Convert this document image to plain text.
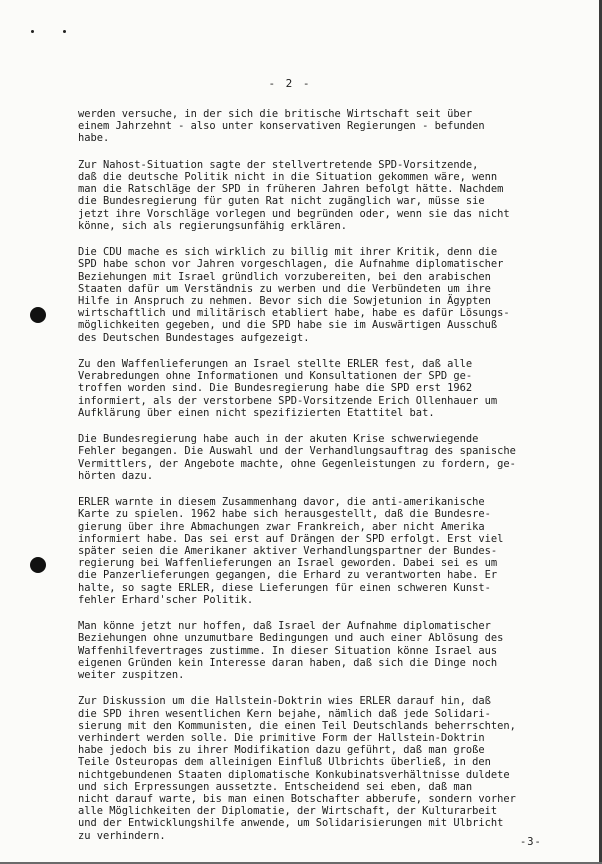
- 2 -

werden versuche, in der sich die britische Wirtschaft seit über
einem Jahrzehnt - also unter konservativen Regierungen - befunden
habe.

Zur Nahost-Situation sagte der stellvertretende SPD-Vorsitzende,
daß die deutsche Politik nicht in die Situation gekommen wäre, wenn
man die Ratschläge der SPD in früheren Jahren befolgt hätte. Nachdem
die Bundesregierung für guten Rat nicht zugänglich war, müsse sie
jetzt ihre Vorschläge vorlegen und begründen oder, wenn sie das nicht
könne, sich als regierungsunfähig erklären.

Die CDU mache es sich wirklich zu billig mit ihrer Kritik, denn die
SPD habe schon vor Jahren vorgeschlagen, die Aufnahme diplomatischer
Beziehungen mit Israel gründlich vorzubereiten, bei den arabischen
Staaten dafür um Verständnis zu werben und die Verbündeten um ihre
Hilfe in Anspruch zu nehmen. Bevor sich die Sowjetunion in Ägypten
wirtschaftlich und militärisch etabliert habe, habe es dafür Lösungs-
möglichkeiten gegeben, und die SPD habe sie im Auswärtigen Ausschuß
des Deutschen Bundestages aufgezeigt.

Zu den Waffenlieferungen an Israel stellte ERLER fest, daß alle
Verabredungen ohne Informationen und Konsultationen der SPD ge-
troffen worden sind. Die Bundesregierung habe die SPD erst 1962
informiert, als der verstorbene SPD-Vorsitzende Erich Ollenhauer um
Aufklärung über einen nicht spezifizierten Etattitel bat.

Die Bundesregierung habe auch in der akuten Krise schwerwiegende
Fehler begangen. Die Auswahl und der Verhandlungsauftrag des spanische
Vermittlers, der Angebote machte, ohne Gegenleistungen zu fordern, ge-
hörten dazu.

ERLER warnte in diesem Zusammenhang davor, die anti-amerikanische
Karte zu spielen. 1962 habe sich herausgestellt, daß die Bundesre-
gierung über ihre Abmachungen zwar Frankreich, aber nicht Amerika
informiert habe. Das sei erst auf Drängen der SPD erfolgt. Erst viel
später seien die Amerikaner aktiver Verhandlungspartner der Bundes-
regierung bei Waffenlieferungen an Israel geworden. Dabei sei es um
die Panzerlieferungen gegangen, die Erhard zu verantworten habe. Er
halte, so sagte ERLER, diese Lieferungen für einen schweren Kunst-
fehler Erhard'scher Politik.

Man könne jetzt nur hoffen, daß Israel der Aufnahme diplomatischer
Beziehungen ohne unzumutbare Bedingungen und auch einer Ablösung des
Waffenhilfevertrages zustimme. In dieser Situation könne Israel aus
eigenen Gründen kein Interesse daran haben, daß sich die Dinge noch
weiter zuspitzen.

Zur Diskussion um die Hallstein-Doktrin wies ERLER darauf hin, daß
die SPD ihren wesentlichen Kern bejahe, nämlich daß jede Solidari-
sierung mit den Kommunisten, die einen Teil Deutschlands beherrschten,
verhindert werden solle. Die primitive Form der Hallstein-Doktrin
habe jedoch bis zu ihrer Modifikation dazu geführt, daß man große
Teile Osteuropas dem alleinigen Einfluß Ulbrichts überließ, in den
nichtgebundenen Staaten diplomatische Konkubinatsverhältnisse duldete
und sich Erpressungen aussetzte. Entscheidend sei eben, daß man
nicht darauf warte, bis man einen Botschafter abberufe, sondern vorher
alle Möglichkeiten der Diplomatie, der Wirtschaft, der Kulturarbeit
und der Entwicklungshilfe anwende, um Solidarisierungen mit Ulbricht
zu verhindern.

-3-
